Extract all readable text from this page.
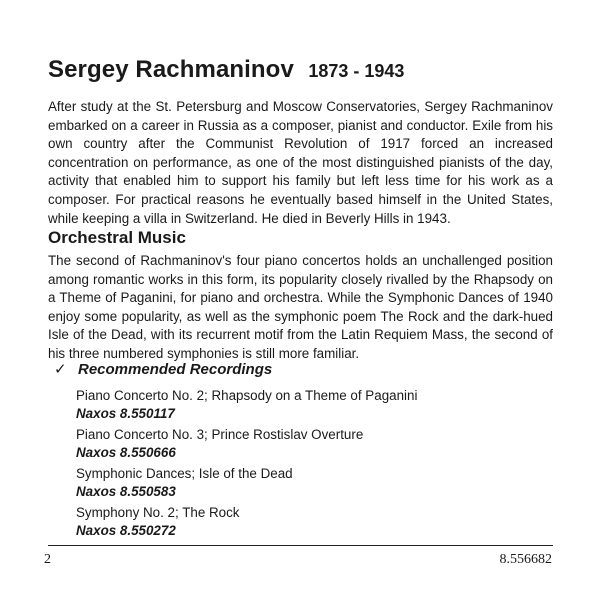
Sergey Rachmaninov 1873 - 1943

After study at the St. Petersburg and Moscow Conservatories, Sergey Rachmaninov embarked on a career in Russia as a composer, pianist and conductor. Exile from his own country after the Communist Revolution of 1917 forced an increased concentration on performance, as one of the most distinguished pianists of the day, activity that enabled him to support his family but left less time for his work as a composer. For practical reasons he eventually based himself in the United States, while keeping a villa in Switzerland. He died in Beverly Hills in 1943.

Orchestral Music

The second of Rachmaninov's four piano concertos holds an unchallenged position among romantic works in this form, its popularity closely rivalled by the Rhapsody on a Theme of Paganini, for piano and orchestra. While the Symphonic Dances of 1940 enjoy some popularity, as well as the symphonic poem The Rock and the dark-hued Isle of the Dead, with its recurrent motif from the Latin Requiem Mass, the second of his three numbered symphonies is still more familiar.

✓ Recommended Recordings
Piano Concerto No. 2; Rhapsody on a Theme of Paganini
Naxos 8.550117
Piano Concerto No. 3; Prince Rostislav Overture
Naxos 8.550666
Symphonic Dances; Isle of the Dead
Naxos 8.550583
Symphony No. 2; The Rock
Naxos 8.550272
2	8.556682
